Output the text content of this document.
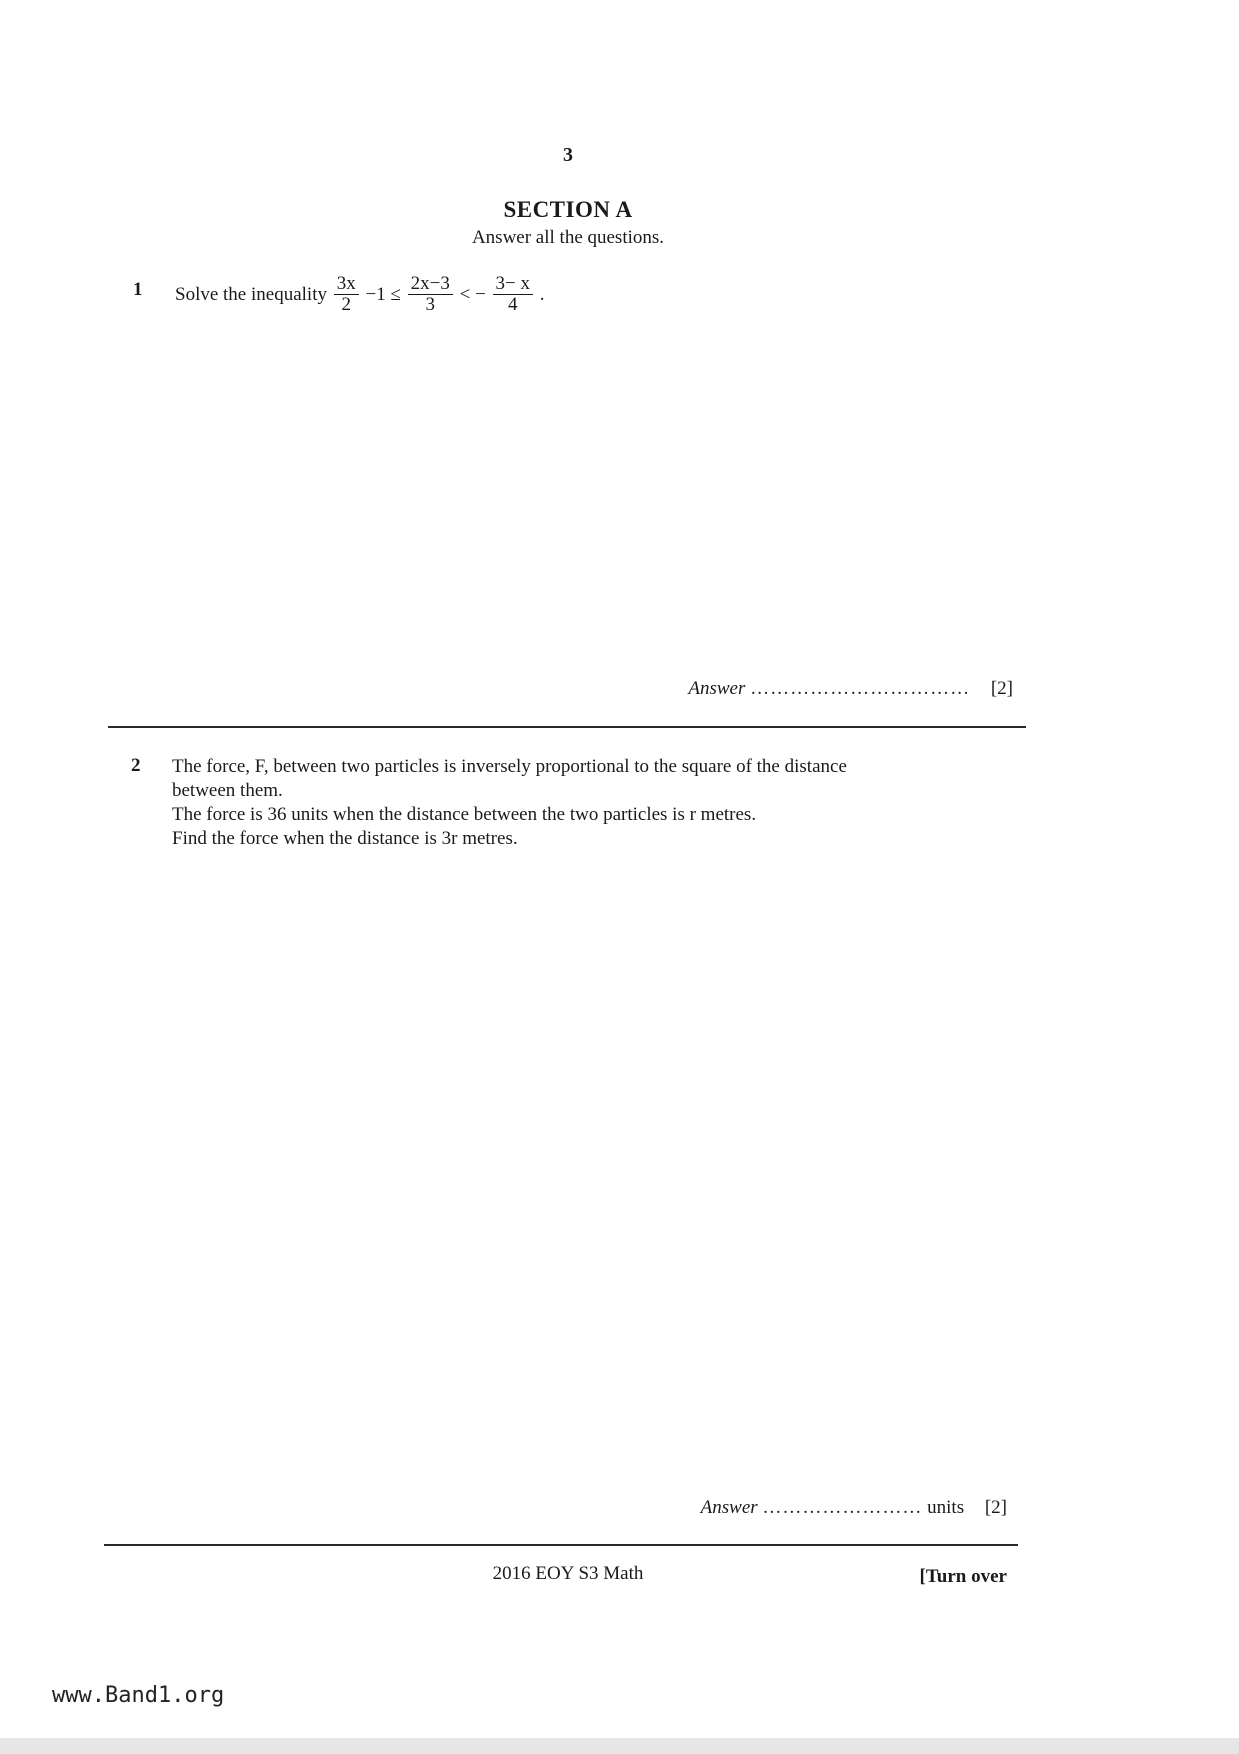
3
SECTION A
Answer all the questions.
1 Solve the inequality $\frac{3x}{2} -1 \le \frac{2x-3}{3}$ < − $\frac{3- x}{4}$ .
Answer …………………………… [2]
2 The force, F, between two particles is inversely proportional to the square of the distance
between them.
The force is 36 units when the distance between the two particles is r metres.
Find the force when the distance is 3r metres.
Answer …………………… units [2]
2016 EOY S3 Math	[Turn over
www.Band1.org
